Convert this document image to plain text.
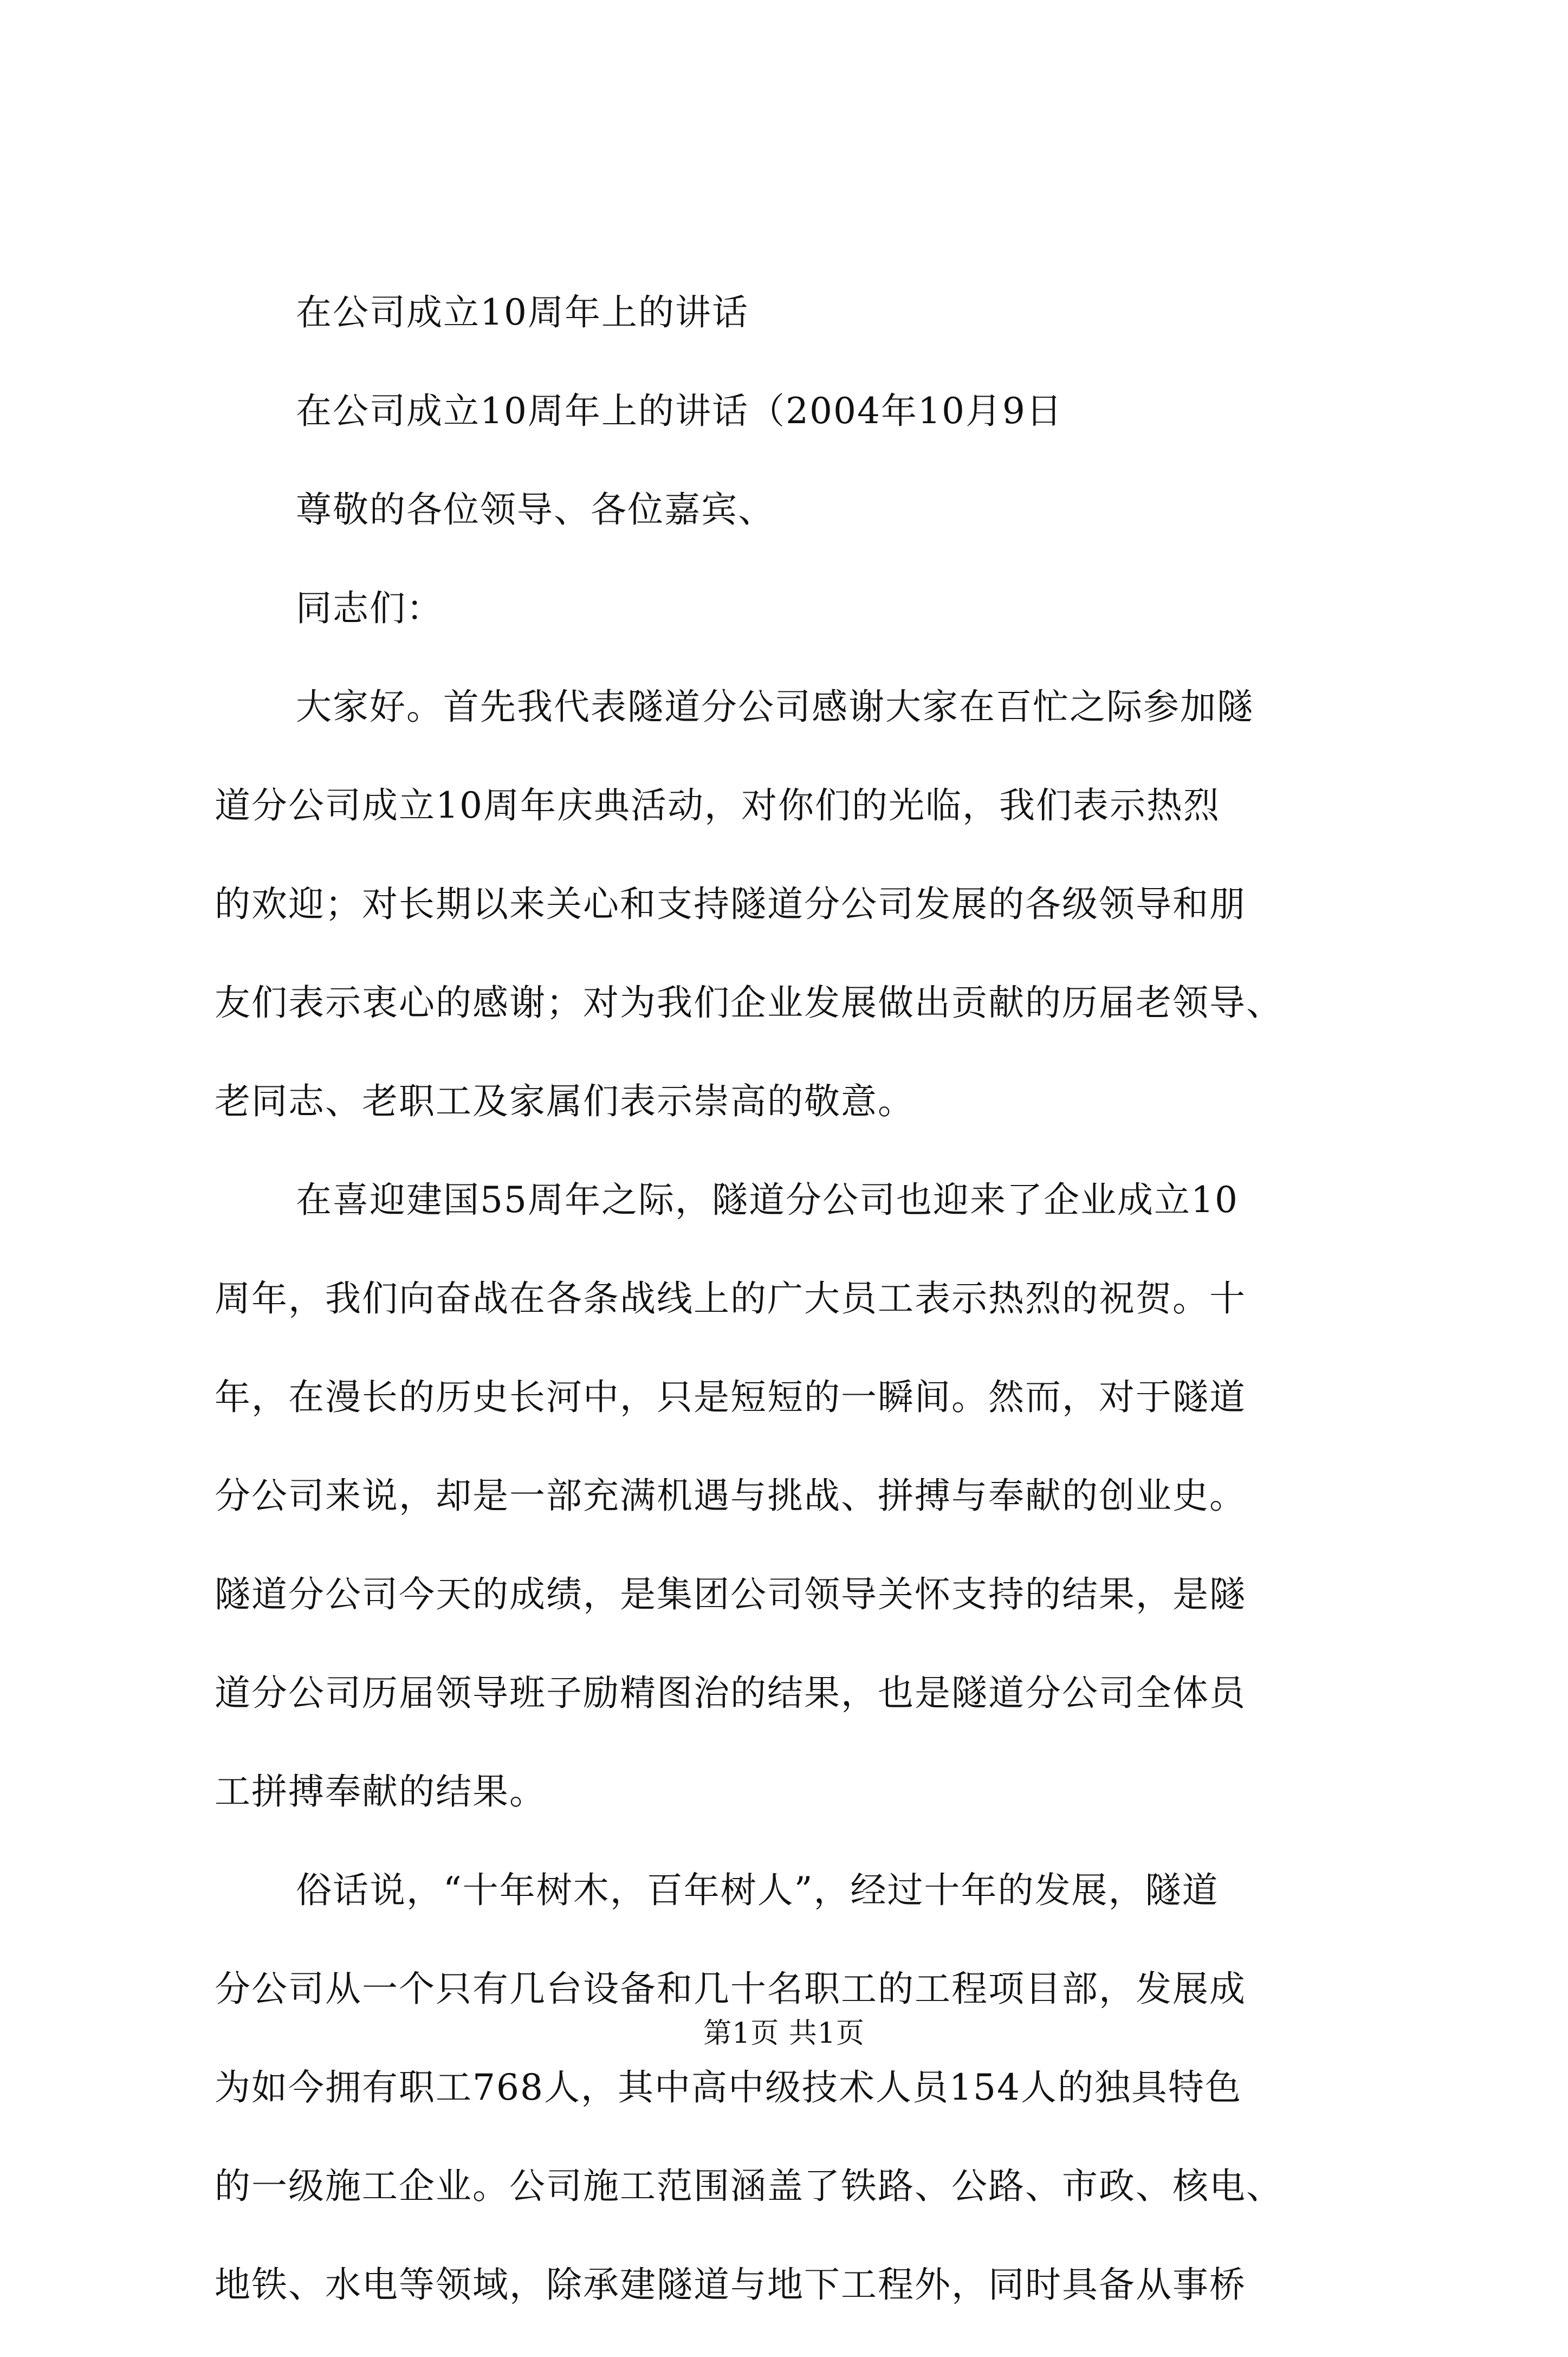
在公司成立10周年上的讲话
在公司成立10周年上的讲话（2004年10月9日
尊敬的各位领导、各位嘉宾、
同志们：
大家好。首先我代表隧道分公司感谢大家在百忙之际参加隧
道分公司成立10周年庆典活动，对你们的光临，我们表示热烈
的欢迎；对长期以来关心和支持隧道分公司发展的各级领导和朋
友们表示衷心的感谢；对为我们企业发展做出贡献的历届老领导、
老同志、老职工及家属们表示崇高的敬意。
在喜迎建国55周年之际，隧道分公司也迎来了企业成立10
周年，我们向奋战在各条战线上的广大员工表示热烈的祝贺。十
年，在漫长的历史长河中，只是短短的一瞬间。然而，对于隧道
分公司来说，却是一部充满机遇与挑战、拼搏与奉献的创业史。
隧道分公司今天的成绩，是集团公司领导关怀支持的结果，是隧
道分公司历届领导班子励精图治的结果，也是隧道分公司全体员
工拼搏奉献的结果。
俗话说，“十年树木，百年树人”，经过十年的发展，隧道
分公司从一个只有几台设备和几十名职工的工程项目部，发展成
为如今拥有职工768人，其中高中级技术人员154人的独具特色
的一级施工企业。公司施工范围涵盖了铁路、公路、市政、核电、
地铁、水电等领域，除承建隧道与地下工程外，同时具备从事桥
第1页 共1页
